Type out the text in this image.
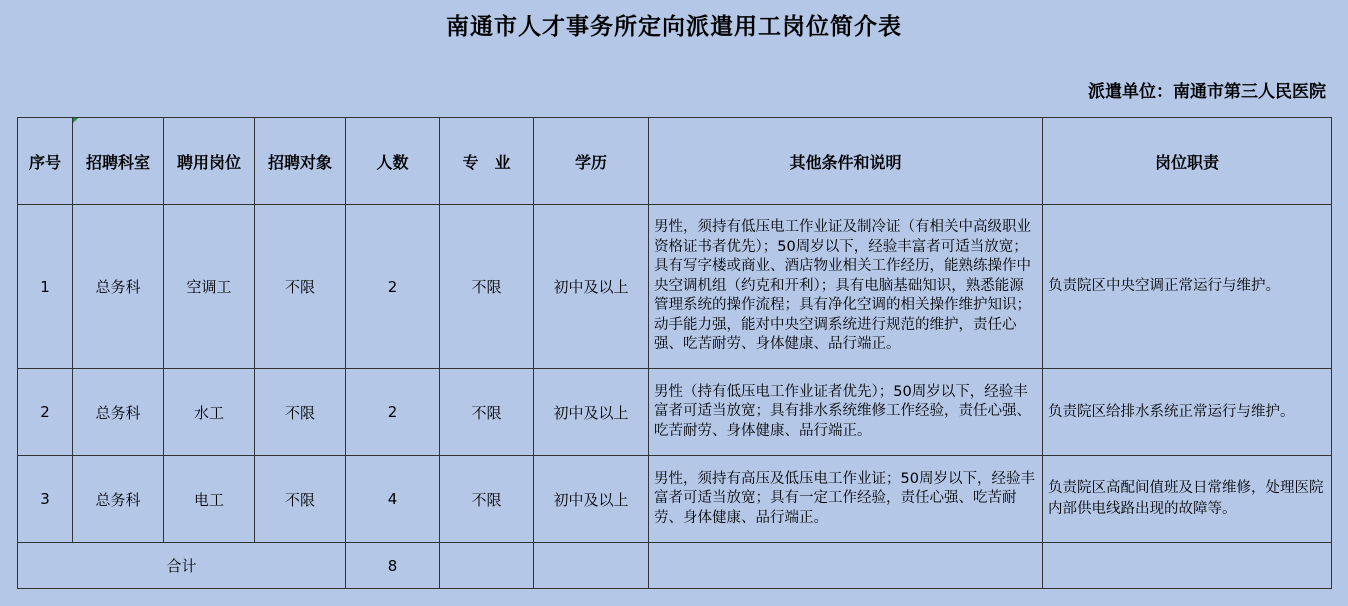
南通市人才事务所定向派遣用工岗位简介表
派遣单位：南通市第三人民医院
序号	招聘科室	聘用岗位	招聘对象	人数	专　业	学历	其他条件和说明	岗位职责
1	总务科	空调工	不限	2	不限	初中及以上	男性，须持有低压电工作业证及制冷证（有相关中高级职业资格证书者优先）；50周岁以下，经验丰富者可适当放宽；具有写字楼或商业、酒店物业相关工作经历，能熟练操作中央空调机组（约克和开利）；具有电脑基础知识，熟悉能源管理系统的操作流程；具有净化空调的相关操作维护知识；动手能力强，能对中央空调系统进行规范的维护，责任心强、吃苦耐劳、身体健康、品行端正。	负责院区中央空调正常运行与维护。
2	总务科	水工	不限	2	不限	初中及以上	男性（持有低压电工作业证者优先）；50周岁以下，经验丰富者可适当放宽；具有排水系统维修工作经验，责任心强、吃苦耐劳、身体健康、品行端正。	负责院区给排水系统正常运行与维护。
3	总务科	电工	不限	4	不限	初中及以上	男性，须持有高压及低压电工作业证；50周岁以下，经验丰富者可适当放宽；具有一定工作经验，责任心强、吃苦耐劳、身体健康、品行端正。	负责院区高配间值班及日常维修，处理医院内部供电线路出现的故障等。
合计				8				
